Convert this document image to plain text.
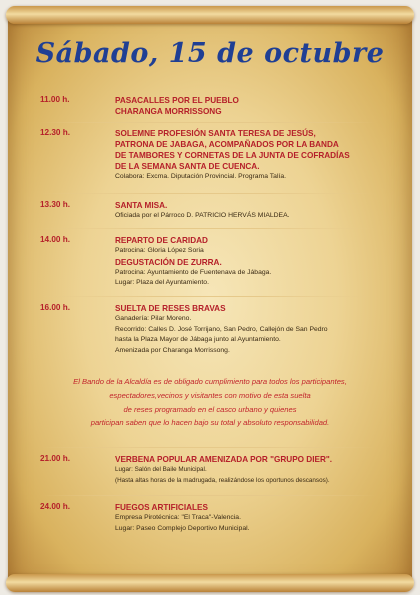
Sábado, 15 de octubre
11.00 h.	PASACALLES POR EL PUEBLO
CHARANGA MORRISSONG
12.30 h.	SOLEMNE PROFESIÓN SANTA TERESA DE JESÚS,
PATRONA DE JABAGA, ACOMPAÑADOS POR LA BANDA
DE TAMBORES Y CORNETAS DE LA JUNTA DE COFRADÍAS
DE LA SEMANA SANTA DE CUENCA.
Colabora: Excma. Diputación Provincial. Programa Talía.
13.30 h.	SANTA MISA.
Oficiada por el Párroco D. PATRICIO HERVÁS MIALDEA.
14.00 h.	REPARTO DE CARIDAD
Patrocina: Gloria López Soria
DEGUSTACIÓN DE ZURRA.
Patrocina: Ayuntamiento de Fuentenava de Jábaga.
Lugar: Plaza del Ayuntamiento.
16.00 h.	SUELTA DE RESES BRAVAS
Ganadería: Pilar Moreno.
Recorrido: Calles D. José Torrijano, San Pedro, Callejón de San Pedro
hasta la Plaza Mayor de Jábaga junto al Ayuntamiento.
Amenizada por Charanga Morrissong.
El Bando de la Alcaldía es de obligado cumplimiento para todos los participantes,
espectadores,vecinos y visitantes con motivo de esta suelta
de reses programado en el casco urbano y quienes
participan saben que lo hacen bajo su total y absoluto responsabilidad.
21.00 h.	VERBENA POPULAR AMENIZADA POR "GRUPO DIER".
Lugar: Salón del Baile Municipal.
(Hasta altas horas de la madrugada, realizándose los oportunos descansos).
24.00 h.	FUEGOS ARTIFICIALES
Empresa Pirotécnica: "El Traca"-Valencia.
Lugar: Paseo Complejo Deportivo Municipal.
